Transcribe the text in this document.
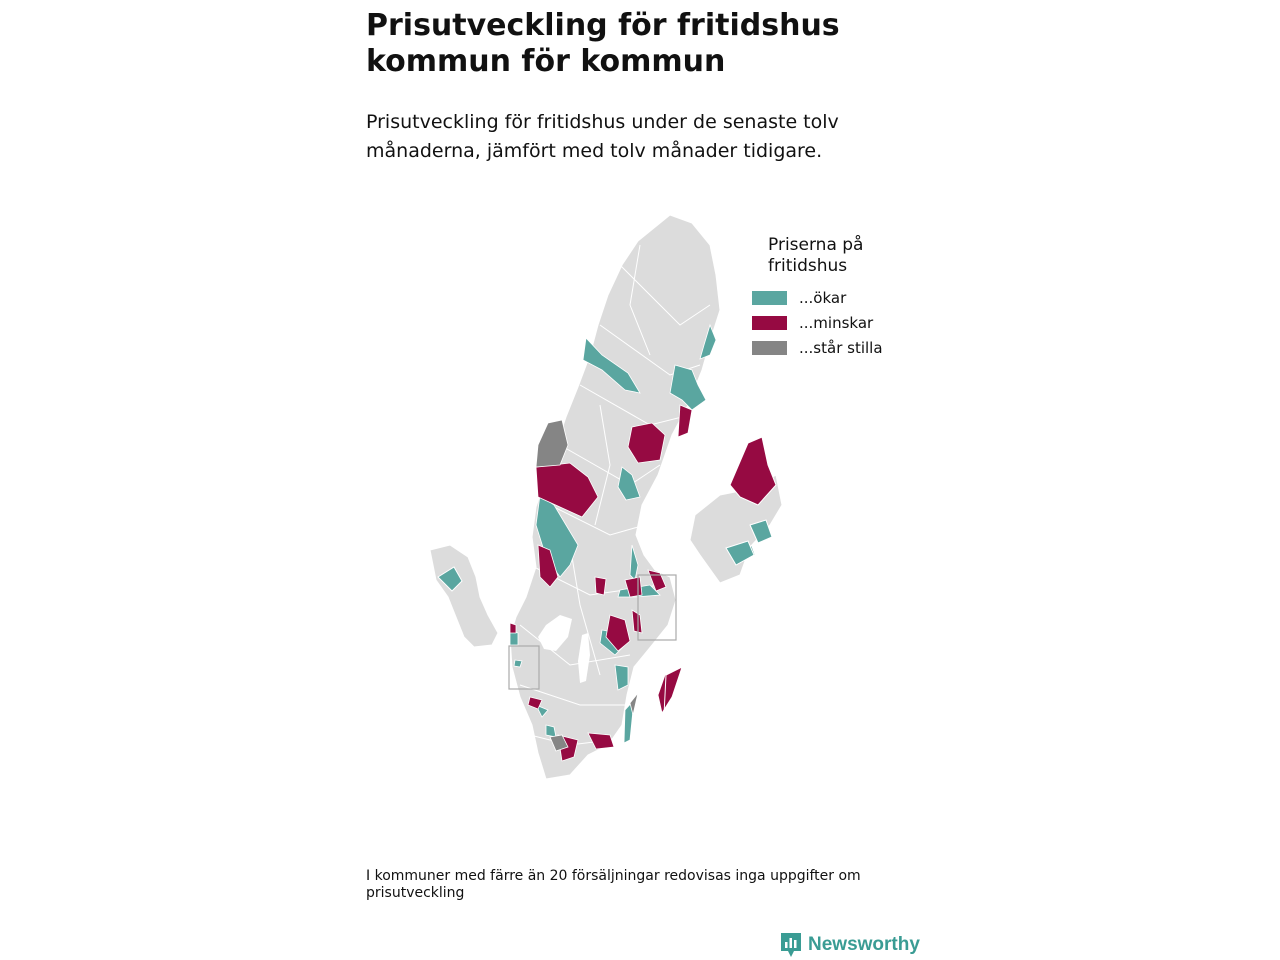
Prisutveckling för fritidshus kommun för kommun

Prisutveckling för fritidshus under de senaste tolv månaderna, jämfört med tolv månader tidigare.

Priserna på fritidshus

...ökar
...minskar
...står stilla

I kommuner med färre än 20 försäljningar redovisas inga uppgifter om prisutveckling

Newsworthy
